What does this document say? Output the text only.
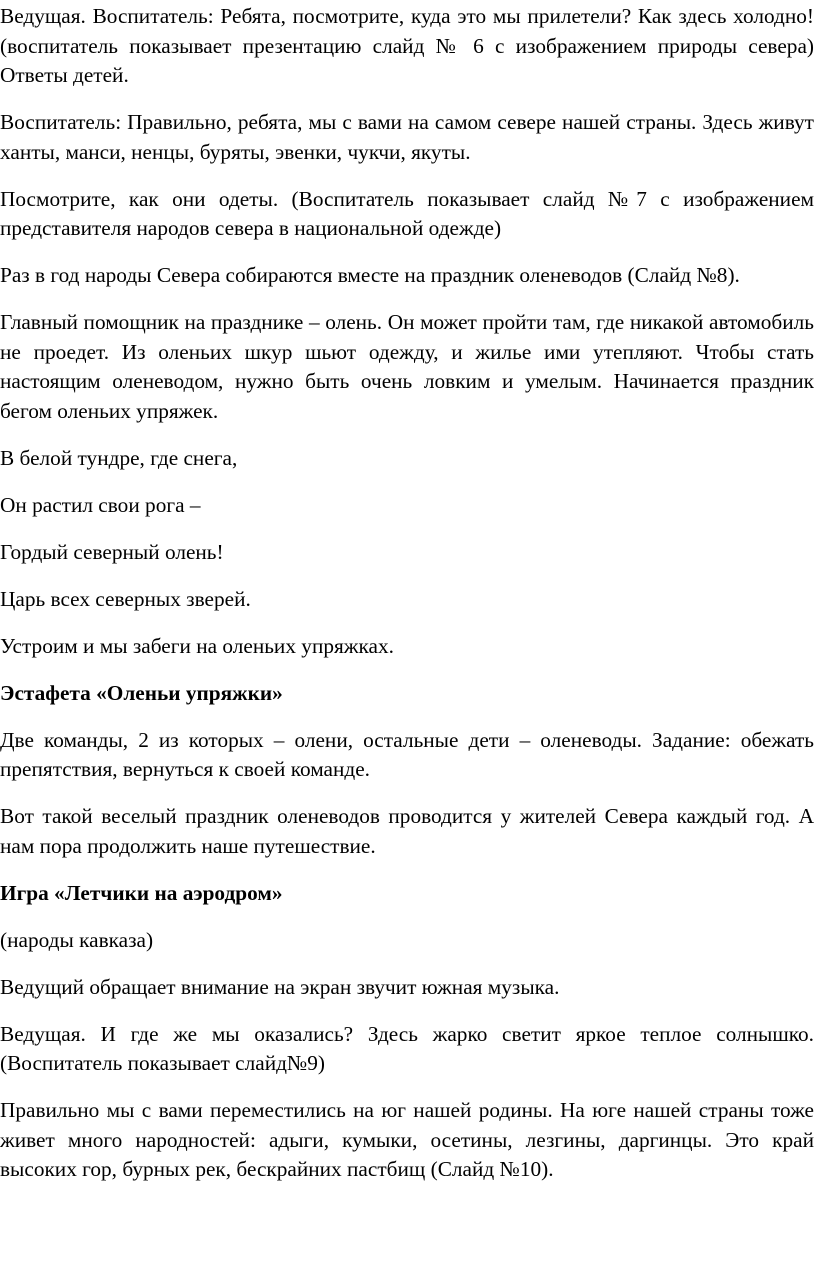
Ведущая. Воспитатель: Ребята, посмотрите, куда это мы прилетели? Как здесь холодно! (воспитатель показывает презентацию слайд № 6 с изображением природы севера) Ответы детей.

Воспитатель: Правильно, ребята, мы с вами на самом севере нашей страны. Здесь живут ханты, манси, ненцы, буряты, эвенки, чукчи, якуты.

Посмотрите, как они одеты. (Воспитатель показывает слайд №7 с изображением представителя народов севера в национальной одежде)

Раз в год народы Севера собираются вместе на праздник оленеводов (Слайд №8).

Главный помощник на празднике – олень. Он может пройти там, где никакой автомобиль не проедет. Из оленьих шкур шьют одежду, и жилье ими утепляют. Чтобы стать настоящим оленеводом, нужно быть очень ловким и умелым. Начинается праздник бегом оленьих упряжек.

В белой тундре, где снега,

Он растил свои рога –

Гордый северный олень!

Царь всех северных зверей.

Устроим и мы забеги на оленьих упряжках.

Эстафета «Оленьи упряжки»

Две команды, 2 из которых – олени, остальные дети – оленеводы. Задание: обежать препятствия, вернуться к своей команде.

Вот такой веселый праздник оленеводов проводится у жителей Севера каждый год. А нам пора продолжить наше путешествие.

Игра «Летчики на аэродром»

(народы кавказа)

Ведущий обращает внимание на экран звучит южная музыка.

Ведущая. И где же мы оказались? Здесь жарко светит яркое теплое солнышко. (Воспитатель показывает слайд№9)

Правильно мы с вами переместились на юг нашей родины. На юге нашей страны тоже живет много народностей: адыги, кумыки, осетины, лезгины, даргинцы. Это край высоких гор, бурных рек, бескрайних пастбищ (Слайд №10).
